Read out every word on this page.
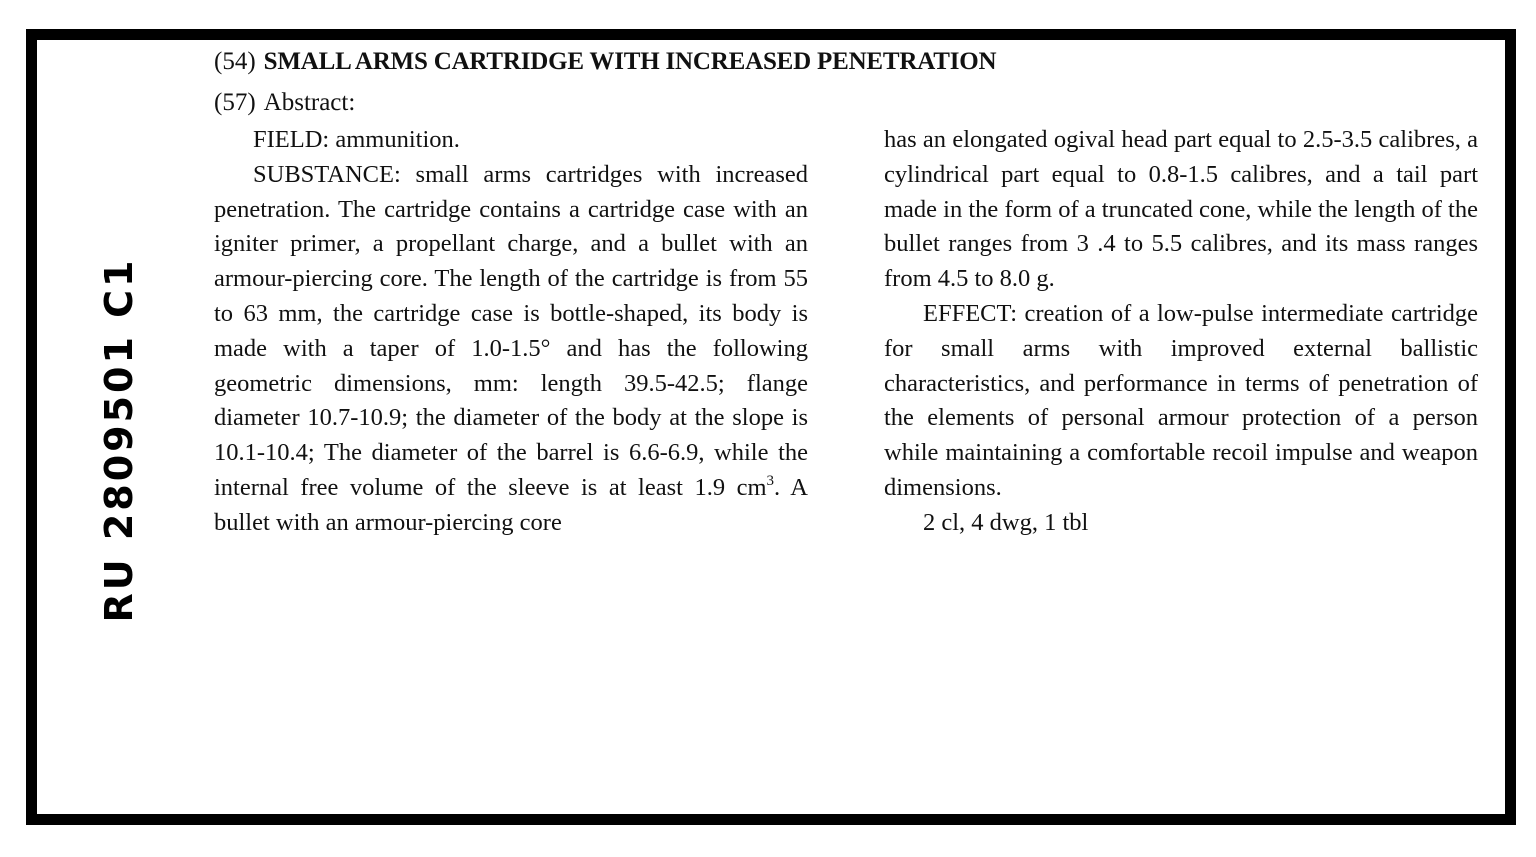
RU 2809501 C1
(54) SMALL ARMS CARTRIDGE WITH INCREASED PENETRATION
(57) Abstract:

FIELD: ammunition.

SUBSTANCE: small arms cartridges with increased penetration. The cartridge contains a cartridge case with an igniter primer, a propellant charge, and a bullet with an armour-piercing core. The length of the cartridge is from 55 to 63 mm, the cartridge case is bottle-shaped, its body is made with a taper of 1.0-1.5° and has the following geometric dimensions, mm: length 39.5-42.5; flange diameter 10.7-10.9; the diameter of the body at the slope is 10.1-10.4; The diameter of the barrel is 6.6-6.9, while the internal free volume of the sleeve is at least 1.9 $cm^3$. A bullet with an armour-piercing core

has an elongated ogival head part equal to 2.5-3.5 calibres, a cylindrical part equal to 0.8-1.5 calibres, and a tail part made in the form of a truncated cone, while the length of the bullet ranges from 3 .4 to 5.5 calibres, and its mass ranges from 4.5 to 8.0 g.

EFFECT: creation of a low-pulse intermediate cartridge for small arms with improved external ballistic characteristics, and performance in terms of penetration of the elements of personal armour protection of a person while maintaining a comfortable recoil impulse and weapon dimensions.

2 cl, 4 dwg, 1 tbl
